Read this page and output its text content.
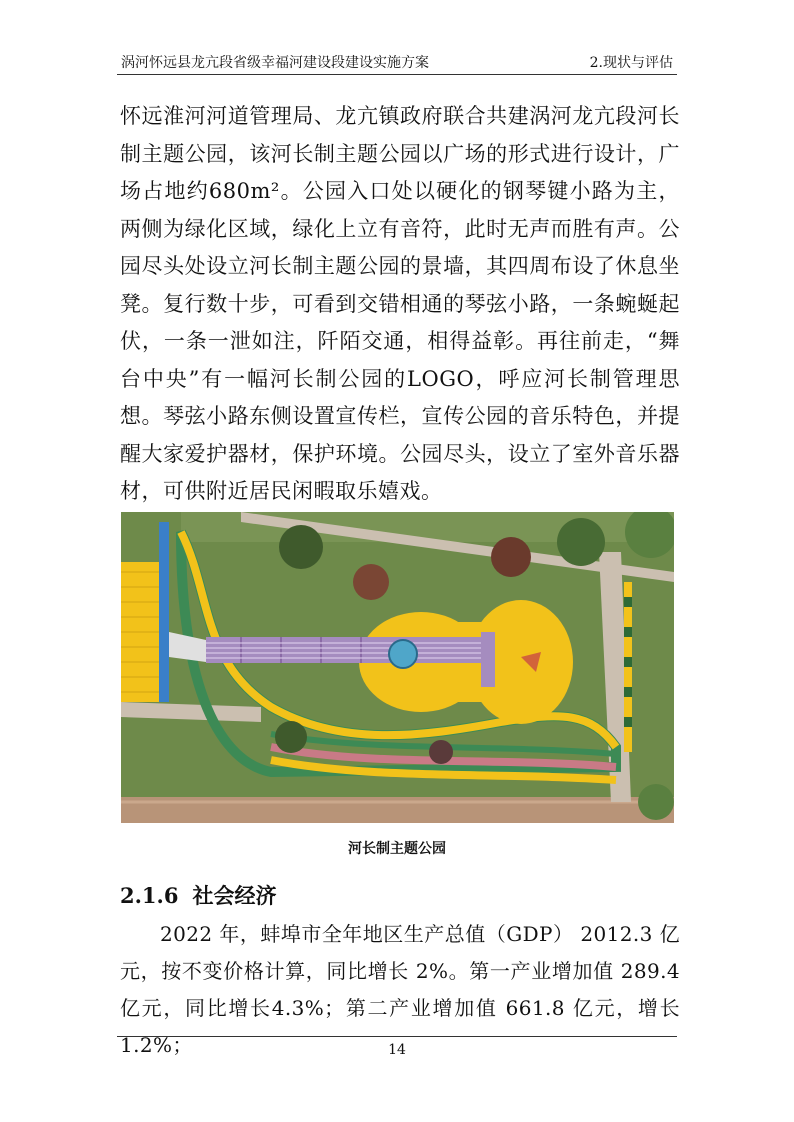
涡河怀远县龙亢段省级幸福河建设段建设实施方案	2.现状与评估

怀远淮河河道管理局、龙亢镇政府联合共建涡河龙亢段河长制主题公园，该河长制主题公园以广场的形式进行设计，广场占地约680m²。公园入口处以硬化的钢琴键小路为主，两侧为绿化区域，绿化上立有音符，此时无声而胜有声。公园尽头处设立河长制主题公园的景墙，其四周布设了休息坐凳。复行数十步，可看到交错相通的琴弦小路，一条蜿蜒起伏，一条一泄如注，阡陌交通，相得益彰。再往前走，“舞台中央”有一幅河长制公园的LOGO，呼应河长制管理思想。琴弦小路东侧设置宣传栏，宣传公园的音乐特色，并提醒大家爱护器材，保护环境。公园尽头，设立了室外音乐器材，可供附近居民闲暇取乐嬉戏。

河长制主题公园
2.1.6 社会经济

2022 年，蚌埠市全年地区生产总值（GDP） 2012.3 亿元，按不变价格计算，同比增长 2%。第一产业增加值 289.4 亿元，同比增长4.3%；第二产业增加值 661.8 亿元，增长 1.2%；	14
